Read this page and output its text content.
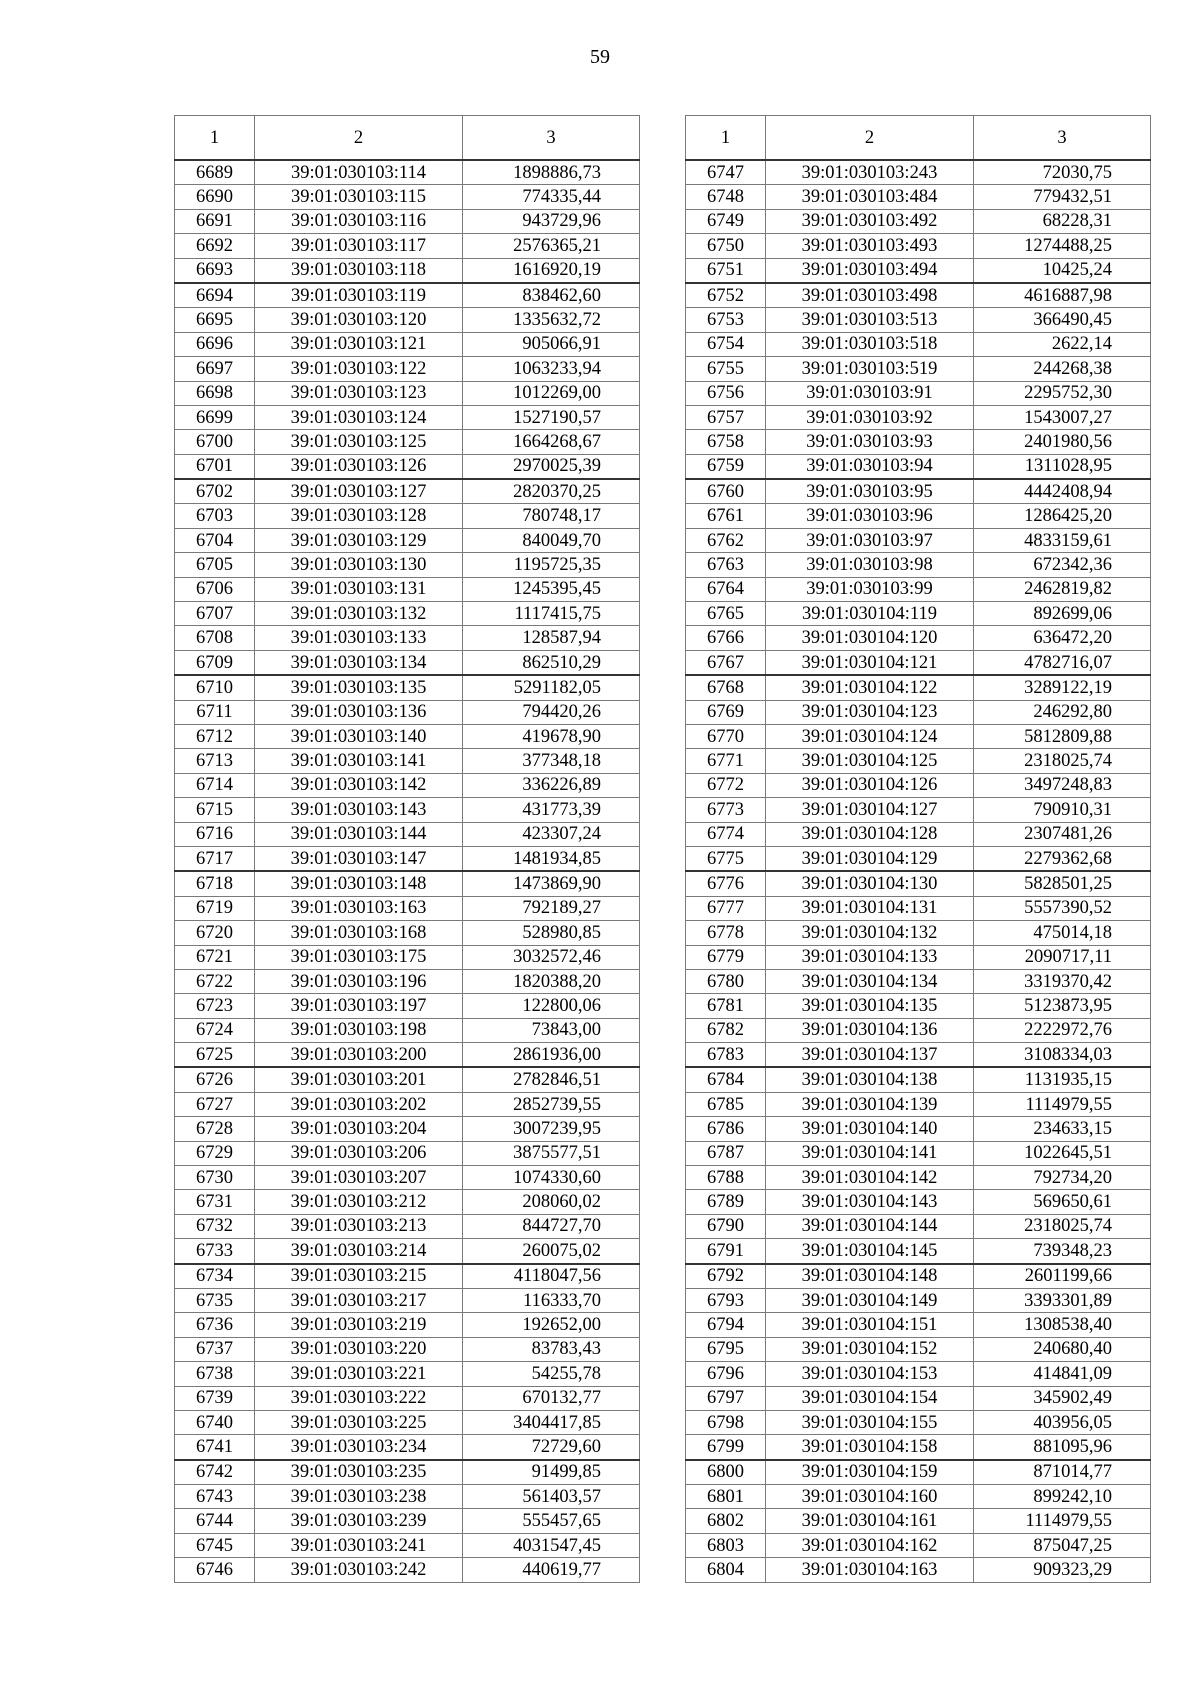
59
1	2	3
6689	39:01:030103:114	1898886,73
6690	39:01:030103:115	774335,44
6691	39:01:030103:116	943729,96
6692	39:01:030103:117	2576365,21
6693	39:01:030103:118	1616920,19
6694	39:01:030103:119	838462,60
6695	39:01:030103:120	1335632,72
6696	39:01:030103:121	905066,91
6697	39:01:030103:122	1063233,94
6698	39:01:030103:123	1012269,00
6699	39:01:030103:124	1527190,57
6700	39:01:030103:125	1664268,67
6701	39:01:030103:126	2970025,39
6702	39:01:030103:127	2820370,25
6703	39:01:030103:128	780748,17
6704	39:01:030103:129	840049,70
6705	39:01:030103:130	1195725,35
6706	39:01:030103:131	1245395,45
6707	39:01:030103:132	1117415,75
6708	39:01:030103:133	128587,94
6709	39:01:030103:134	862510,29
6710	39:01:030103:135	5291182,05
6711	39:01:030103:136	794420,26
6712	39:01:030103:140	419678,90
6713	39:01:030103:141	377348,18
6714	39:01:030103:142	336226,89
6715	39:01:030103:143	431773,39
6716	39:01:030103:144	423307,24
6717	39:01:030103:147	1481934,85
6718	39:01:030103:148	1473869,90
6719	39:01:030103:163	792189,27
6720	39:01:030103:168	528980,85
6721	39:01:030103:175	3032572,46
6722	39:01:030103:196	1820388,20
6723	39:01:030103:197	122800,06
6724	39:01:030103:198	73843,00
6725	39:01:030103:200	2861936,00
6726	39:01:030103:201	2782846,51
6727	39:01:030103:202	2852739,55
6728	39:01:030103:204	3007239,95
6729	39:01:030103:206	3875577,51
6730	39:01:030103:207	1074330,60
6731	39:01:030103:212	208060,02
6732	39:01:030103:213	844727,70
6733	39:01:030103:214	260075,02
6734	39:01:030103:215	4118047,56
6735	39:01:030103:217	116333,70
6736	39:01:030103:219	192652,00
6737	39:01:030103:220	83783,43
6738	39:01:030103:221	54255,78
6739	39:01:030103:222	670132,77
6740	39:01:030103:225	3404417,85
6741	39:01:030103:234	72729,60
6742	39:01:030103:235	91499,85
6743	39:01:030103:238	561403,57
6744	39:01:030103:239	555457,65
6745	39:01:030103:241	4031547,45
6746	39:01:030103:242	440619,77
1	2	3
6747	39:01:030103:243	72030,75
6748	39:01:030103:484	779432,51
6749	39:01:030103:492	68228,31
6750	39:01:030103:493	1274488,25
6751	39:01:030103:494	10425,24
6752	39:01:030103:498	4616887,98
6753	39:01:030103:513	366490,45
6754	39:01:030103:518	2622,14
6755	39:01:030103:519	244268,38
6756	39:01:030103:91	2295752,30
6757	39:01:030103:92	1543007,27
6758	39:01:030103:93	2401980,56
6759	39:01:030103:94	1311028,95
6760	39:01:030103:95	4442408,94
6761	39:01:030103:96	1286425,20
6762	39:01:030103:97	4833159,61
6763	39:01:030103:98	672342,36
6764	39:01:030103:99	2462819,82
6765	39:01:030104:119	892699,06
6766	39:01:030104:120	636472,20
6767	39:01:030104:121	4782716,07
6768	39:01:030104:122	3289122,19
6769	39:01:030104:123	246292,80
6770	39:01:030104:124	5812809,88
6771	39:01:030104:125	2318025,74
6772	39:01:030104:126	3497248,83
6773	39:01:030104:127	790910,31
6774	39:01:030104:128	2307481,26
6775	39:01:030104:129	2279362,68
6776	39:01:030104:130	5828501,25
6777	39:01:030104:131	5557390,52
6778	39:01:030104:132	475014,18
6779	39:01:030104:133	2090717,11
6780	39:01:030104:134	3319370,42
6781	39:01:030104:135	5123873,95
6782	39:01:030104:136	2222972,76
6783	39:01:030104:137	3108334,03
6784	39:01:030104:138	1131935,15
6785	39:01:030104:139	1114979,55
6786	39:01:030104:140	234633,15
6787	39:01:030104:141	1022645,51
6788	39:01:030104:142	792734,20
6789	39:01:030104:143	569650,61
6790	39:01:030104:144	2318025,74
6791	39:01:030104:145	739348,23
6792	39:01:030104:148	2601199,66
6793	39:01:030104:149	3393301,89
6794	39:01:030104:151	1308538,40
6795	39:01:030104:152	240680,40
6796	39:01:030104:153	414841,09
6797	39:01:030104:154	345902,49
6798	39:01:030104:155	403956,05
6799	39:01:030104:158	881095,96
6800	39:01:030104:159	871014,77
6801	39:01:030104:160	899242,10
6802	39:01:030104:161	1114979,55
6803	39:01:030104:162	875047,25
6804	39:01:030104:163	909323,29
